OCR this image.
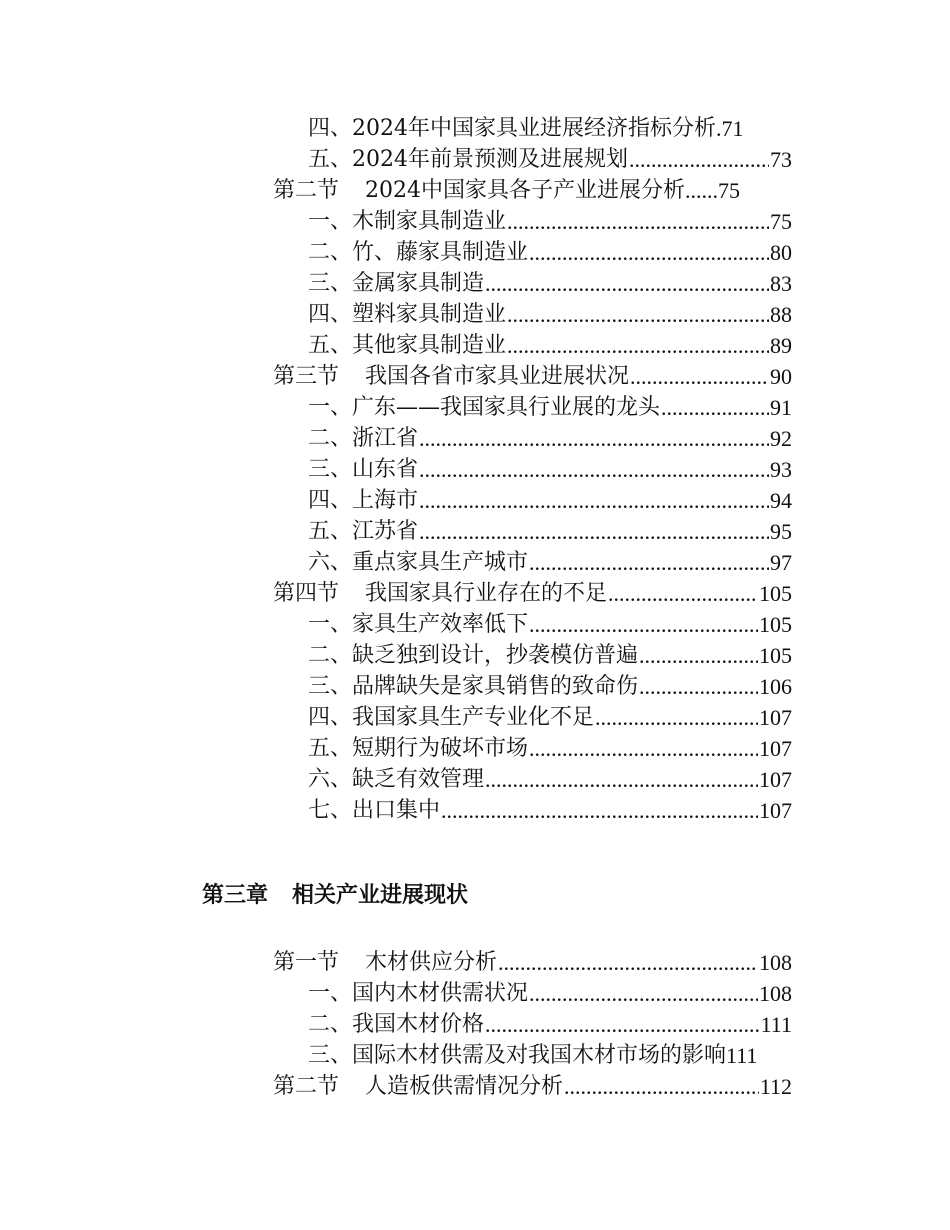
四、2024年中国家具业进展经济指标分析 . 71
五、2024年前景预测及进展规划 .....	73
第二节 2024中国家具各子产业进展分析 ...... 75
一、木制家具制造业 .....	75
二、竹、藤家具制造业 .....	80
三、金属家具制造 .....	83
四、塑料家具制造业 .....	88
五、其他家具制造业 .....	89
第三节 我国各省市家具业进展状况 .....	90
一、广东——我国家具行业展的龙头 .....	91
二、浙江省 .....	92
三、山东省 .....	93
四、上海市 .....	94
五、江苏省 .....	95
六、重点家具生产城市 .....	97
第四节 我国家具行业存在的不足 .....	105
一、家具生产效率低下 .....	105
二、缺乏独到设计，抄袭模仿普遍 .....	105
三、品牌缺失是家具销售的致命伤 .....	106
四、我国家具生产专业化不足 .....	107
五、短期行为破坏市场 .....	107
六、缺乏有效管理 .....	107
七、出口集中 .....	107
第三章 相关产业进展现状
第一节 木材供应分析 .....	108
一、国内木材供需状况 .....	108
二、我国木材价格 .....	111
三、国际木材供需及对我国木材市场的影响 111
第二节 人造板供需情况分析 .....	112
